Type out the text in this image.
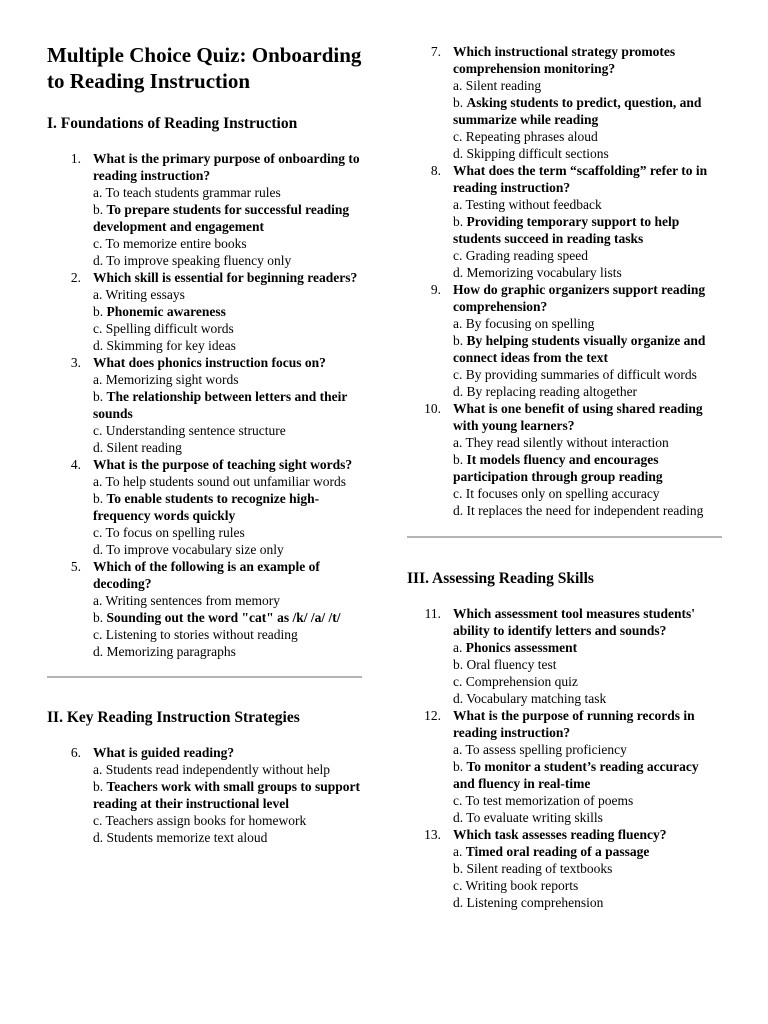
Multiple Choice Quiz: Onboarding to Reading Instruction
I. Foundations of Reading Instruction
1. What is the primary purpose of onboarding to reading instruction?
a. To teach students grammar rules
b. To prepare students for successful reading development and engagement
c. To memorize entire books
d. To improve speaking fluency only
2. Which skill is essential for beginning readers?
a. Writing essays
b. Phonemic awareness
c. Spelling difficult words
d. Skimming for key ideas
3. What does phonics instruction focus on?
a. Memorizing sight words
b. The relationship between letters and their sounds
c. Understanding sentence structure
d. Silent reading
4. What is the purpose of teaching sight words?
a. To help students sound out unfamiliar words
b. To enable students to recognize high-frequency words quickly
c. To focus on spelling rules
d. To improve vocabulary size only
5. Which of the following is an example of decoding?
a. Writing sentences from memory
b. Sounding out the word "cat" as /k/ /a/ /t/
c. Listening to stories without reading
d. Memorizing paragraphs
II. Key Reading Instruction Strategies
6. What is guided reading?
a. Students read independently without help
b. Teachers work with small groups to support reading at their instructional level
c. Teachers assign books for homework
d. Students memorize text aloud
7. Which instructional strategy promotes comprehension monitoring?
a. Silent reading
b. Asking students to predict, question, and summarize while reading
c. Repeating phrases aloud
d. Skipping difficult sections
8. What does the term “scaffolding” refer to in reading instruction?
a. Testing without feedback
b. Providing temporary support to help students succeed in reading tasks
c. Grading reading speed
d. Memorizing vocabulary lists
9. How do graphic organizers support reading comprehension?
a. By focusing on spelling
b. By helping students visually organize and connect ideas from the text
c. By providing summaries of difficult words
d. By replacing reading altogether
10. What is one benefit of using shared reading with young learners?
a. They read silently without interaction
b. It models fluency and encourages participation through group reading
c. It focuses only on spelling accuracy
d. It replaces the need for independent reading
III. Assessing Reading Skills
11. Which assessment tool measures students' ability to identify letters and sounds?
a. Phonics assessment
b. Oral fluency test
c. Comprehension quiz
d. Vocabulary matching task
12. What is the purpose of running records in reading instruction?
a. To assess spelling proficiency
b. To monitor a student’s reading accuracy and fluency in real-time
c. To test memorization of poems
d. To evaluate writing skills
13. Which task assesses reading fluency?
a. Timed oral reading of a passage
b. Silent reading of textbooks
c. Writing book reports
d. Listening comprehension
